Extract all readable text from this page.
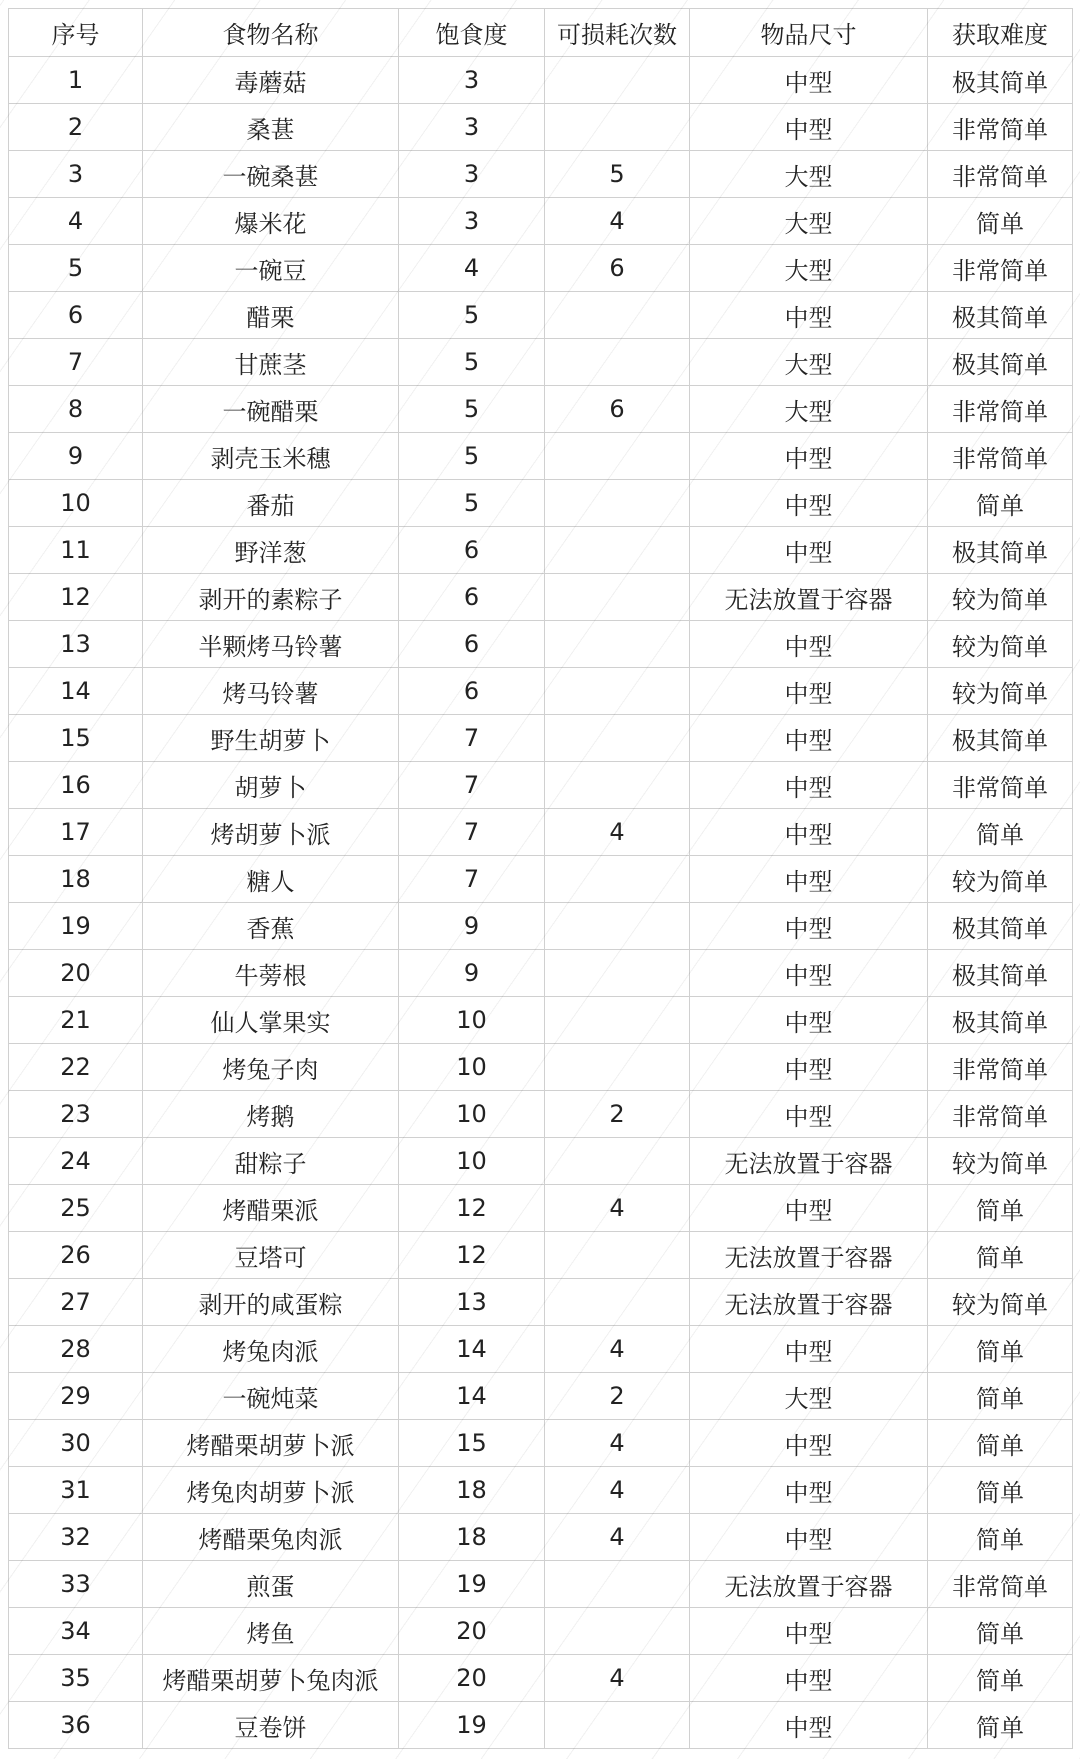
序号	食物名称	饱食度	可损耗次数	物品尺寸	获取难度
1	毒蘑菇	3		中型	极其简单
2	桑葚	3		中型	非常简单
3	一碗桑葚	3	5	大型	非常简单
4	爆米花	3	4	大型	简单
5	一碗豆	4	6	大型	非常简单
6	醋栗	5		中型	极其简单
7	甘蔗茎	5		大型	极其简单
8	一碗醋栗	5	6	大型	非常简单
9	剥壳玉米穗	5		中型	非常简单
10	番茄	5		中型	简单
11	野洋葱	6		中型	极其简单
12	剥开的素粽子	6		无法放置于容器	较为简单
13	半颗烤马铃薯	6		中型	较为简单
14	烤马铃薯	6		中型	较为简单
15	野生胡萝卜	7		中型	极其简单
16	胡萝卜	7		中型	非常简单
17	烤胡萝卜派	7	4	中型	简单
18	糖人	7		中型	较为简单
19	香蕉	9		中型	极其简单
20	牛蒡根	9		中型	极其简单
21	仙人掌果实	10		中型	极其简单
22	烤兔子肉	10		中型	非常简单
23	烤鹅	10	2	中型	非常简单
24	甜粽子	10		无法放置于容器	较为简单
25	烤醋栗派	12	4	中型	简单
26	豆塔可	12		无法放置于容器	简单
27	剥开的咸蛋粽	13		无法放置于容器	较为简单
28	烤兔肉派	14	4	中型	简单
29	一碗炖菜	14	2	大型	简单
30	烤醋栗胡萝卜派	15	4	中型	简单
31	烤兔肉胡萝卜派	18	4	中型	简单
32	烤醋栗兔肉派	18	4	中型	简单
33	煎蛋	19		无法放置于容器	非常简单
34	烤鱼	20		中型	简单
35	烤醋栗胡萝卜兔肉派	20	4	中型	简单
36	豆卷饼	19		中型	简单
